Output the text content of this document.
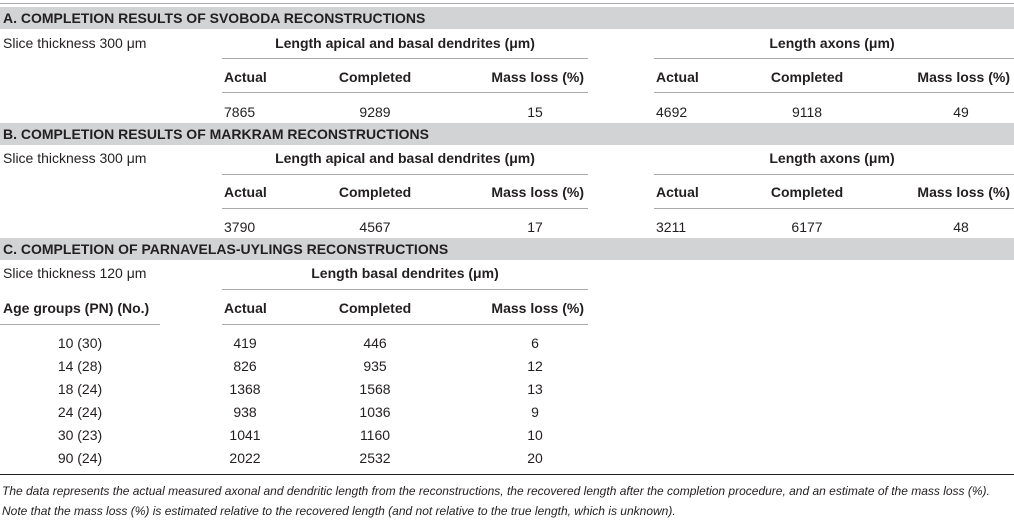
A. COMPLETION RESULTS OF SVOBODA RECONSTRUCTIONS
Slice thickness 300 μm	Length apical and basal dendrites (μm)	Length axons (μm)
Actual	Completed	Mass loss (%)	Actual	Completed	Mass loss (%)
7865	9289	15	4692	9118	49
B. COMPLETION RESULTS OF MARKRAM RECONSTRUCTIONS
Slice thickness 300 μm	Length apical and basal dendrites (μm)	Length axons (μm)
Actual	Completed	Mass loss (%)	Actual	Completed	Mass loss (%)
3790	4567	17	3211	6177	48
C. COMPLETION OF PARNAVELAS-UYLINGS RECONSTRUCTIONS
Slice thickness 120 μm	Length basal dendrites (μm)
Age groups (PN) (No.)	Actual	Completed	Mass loss (%)
10 (30)	419	446	6
14 (28)	826	935	12
18 (24)	1368	1568	13
24 (24)	938	1036	9
30 (23)	1041	1160	10
90 (24)	2022	2532	20
The data represents the actual measured axonal and dendritic length from the reconstructions, the recovered length after the completion procedure, and an estimate of the mass loss (%). Note that the mass loss (%) is estimated relative to the recovered length (and not relative to the true length, which is unknown).
